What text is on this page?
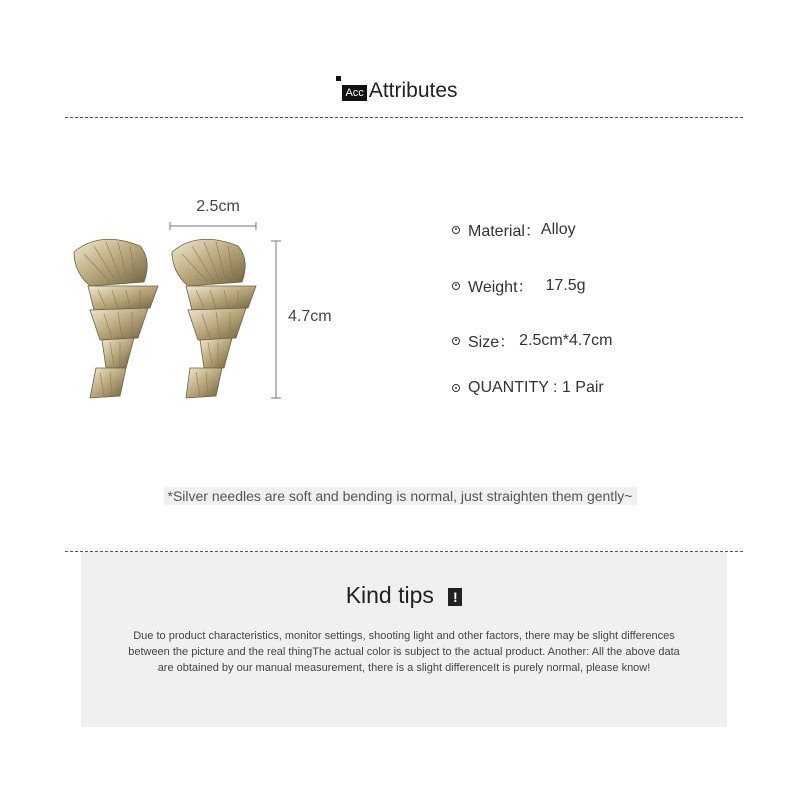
Acc Attributes
2.5cm
4.7cm
Material： Alloy
Weight： 17.5g
Size： 2.5cm*4.7cm
QUANTITY : 1 Pair
*Silver needles are soft and bending is normal, just straighten them gently~
Kind tips !
Due to product characteristics, monitor settings, shooting light and other factors, there may be slight differences between the picture and the real thingThe actual color is subject to the actual product. Another: All the above data are obtained by our manual measurement, there is a slight differenceIt is purely normal, please know!
